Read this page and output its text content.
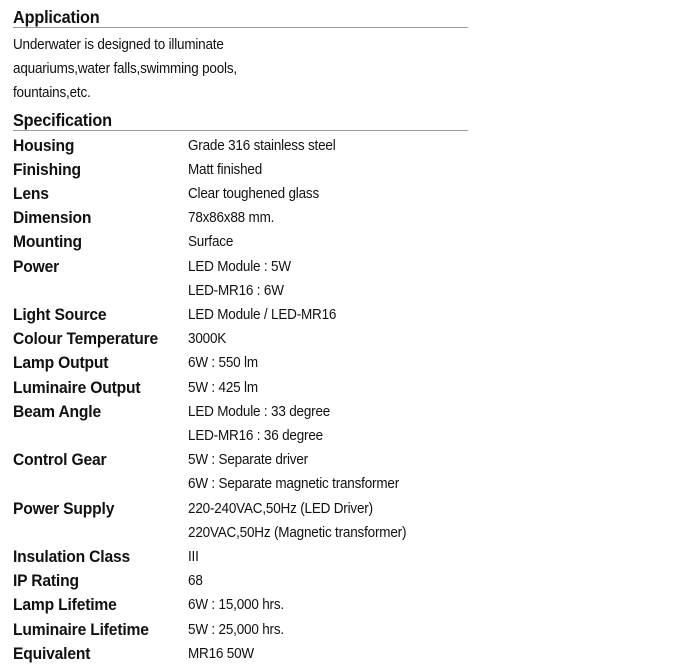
Application
Underwater is designed to illuminate
aquariums,water falls,swimming pools,
fountains,etc.
Specification
Housing	Grade 316 stainless steel
Finishing	Matt finished
Lens	Clear toughened glass
Dimension	78x86x88 mm.
Mounting	Surface
Power	LED Module : 5W
LED-MR16 : 6W
Light Source	LED Module / LED-MR16
Colour Temperature	3000K
Lamp Output	6W : 550 lm
Luminaire Output	5W : 425 lm
Beam Angle	LED Module : 33 degree
LED-MR16 : 36 degree
Control Gear	5W : Separate driver
6W : Separate magnetic transformer
Power Supply	220-240VAC,50Hz (LED Driver)
220VAC,50Hz (Magnetic transformer)
Insulation Class	III
IP Rating	68
Lamp Lifetime	6W : 15,000 hrs.
Luminaire Lifetime	5W : 25,000 hrs.
Equivalent	MR16 50W
